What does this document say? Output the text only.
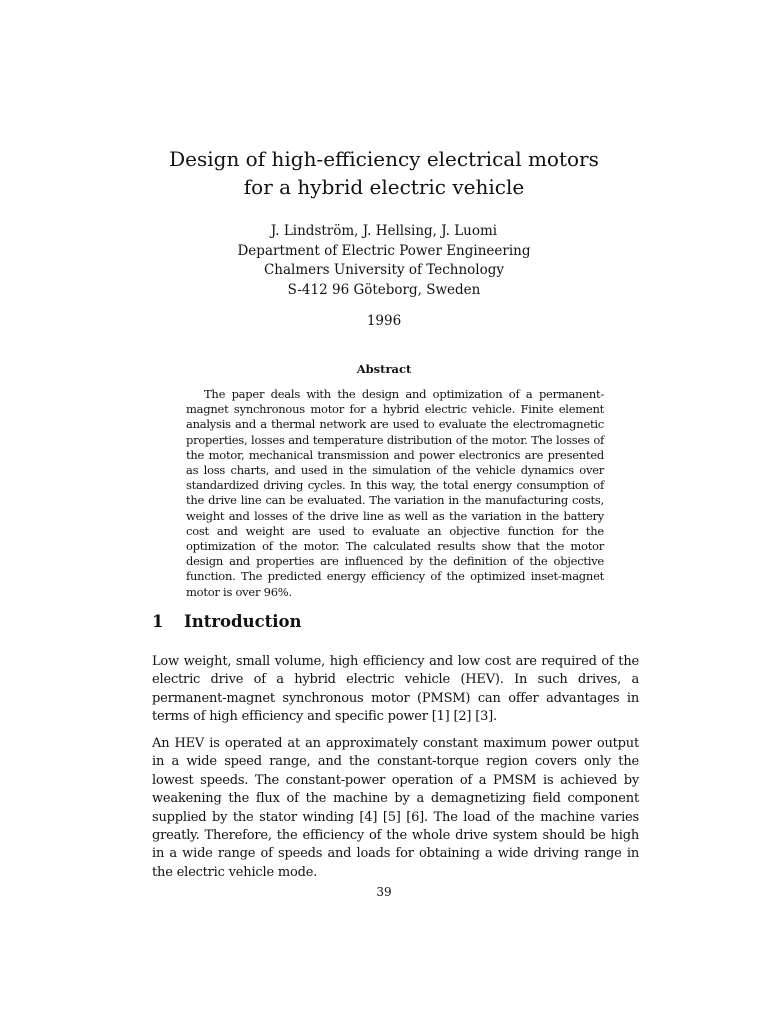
Design of high-efficiency electrical motors
for a hybrid electric vehicle
J. Lindström, J. Hellsing, J. Luomi
Department of Electric Power Engineering
Chalmers University of Technology
S-412 96 Göteborg, Sweden
1996
Abstract
The paper deals with the design and optimization of a permanent-magnet synchronous motor for a hybrid electric vehicle. Finite element analysis and a thermal network are used to evaluate the electromagnetic properties, losses and temperature distribution of the motor. The losses of the motor, mechanical transmission and power electronics are presented as loss charts, and used in the simulation of the vehicle dynamics over standardized driving cycles. In this way, the total energy consumption of the drive line can be evaluated. The variation in the manufacturing costs, weight and losses of the drive line as well as the variation in the battery cost and weight are used to evaluate an objective function for the optimization of the motor. The calculated results show that the motor design and properties are influenced by the definition of the objective function. The predicted energy efficiency of the optimized inset-magnet motor is over 96%.
1 Introduction
Low weight, small volume, high efficiency and low cost are required of the electric drive of a hybrid electric vehicle (HEV). In such drives, a permanent-magnet synchronous motor (PMSM) can offer advantages in terms of high efficiency and specific power [1] [2] [3].
An HEV is operated at an approximately constant maximum power output in a wide speed range, and the constant-torque region covers only the lowest speeds. The constant-power operation of a PMSM is achieved by weakening the flux of the machine by a demagnetizing field component supplied by the stator winding [4] [5] [6]. The load of the machine varies greatly. Therefore, the efficiency of the whole drive system should be high in a wide range of speeds and loads for obtaining a wide driving range in the electric vehicle mode.
39
